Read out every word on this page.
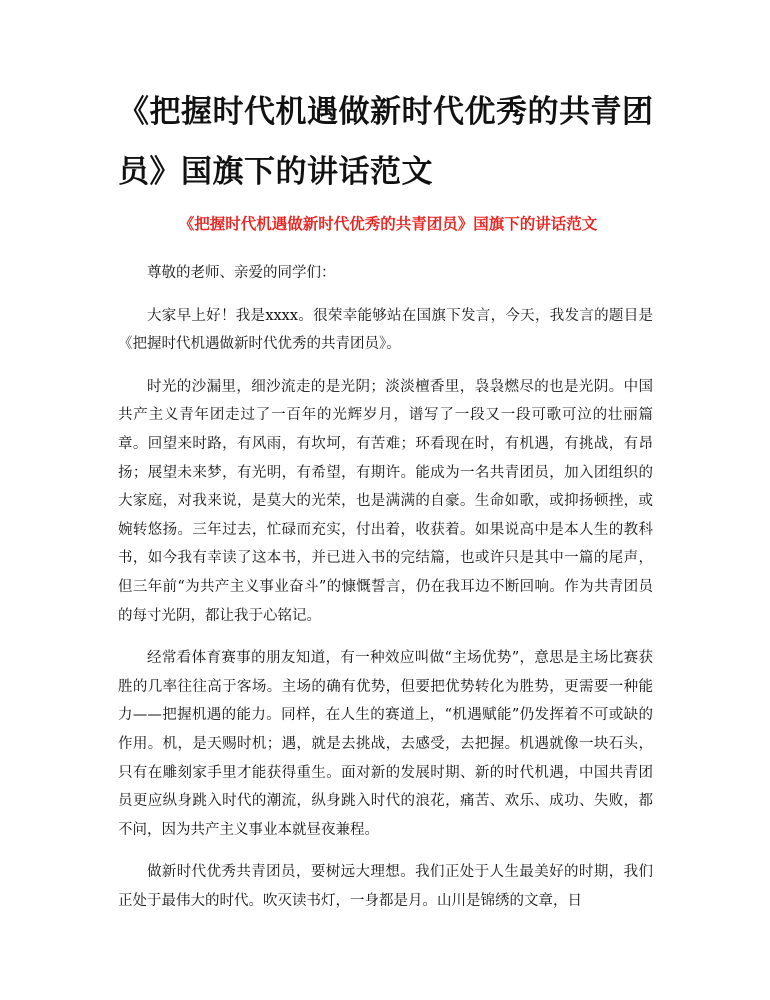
《把握时代机遇做新时代优秀的共青团员》国旗下的讲话范文

《把握时代机遇做新时代优秀的共青团员》国旗下的讲话范文

尊敬的老师、亲爱的同学们：

大家早上好！我是xxxx。很荣幸能够站在国旗下发言，今天，我发言的题目是《把握时代机遇做新时代优秀的共青团员》。

时光的沙漏里，细沙流走的是光阴；淡淡檀香里，袅袅燃尽的也是光阴。中国共产主义青年团走过了一百年的光辉岁月，谱写了一段又一段可歌可泣的壮丽篇章。回望来时路，有风雨，有坎坷，有苦难；环看现在时，有机遇，有挑战，有昂扬；展望未来梦，有光明，有希望，有期许。能成为一名共青团员，加入团组织的大家庭，对我来说，是莫大的光荣，也是满满的自豪。生命如歌，或抑扬顿挫，或婉转悠扬。三年过去，忙碌而充实，付出着，收获着。如果说高中是本人生的教科书，如今我有幸读了这本书，并已进入书的完结篇，也或许只是其中一篇的尾声，但三年前“为共产主义事业奋斗”的慷慨誓言，仍在我耳边不断回响。作为共青团员的每寸光阴，都让我于心铭记。

经常看体育赛事的朋友知道，有一种效应叫做“主场优势”，意思是主场比赛获胜的几率往往高于客场。主场的确有优势，但要把优势转化为胜势，更需要一种能力——把握机遇的能力。同样，在人生的赛道上，“机遇赋能”仍发挥着不可或缺的作用。机，是天赐时机；遇，就是去挑战，去感受，去把握。机遇就像一块石头，只有在雕刻家手里才能获得重生。面对新的发展时期、新的时代机遇，中国共青团员更应纵身跳入时代的潮流，纵身跳入时代的浪花，痛苦、欢乐、成功、失败，都不问，因为共产主义事业本就昼夜兼程。

做新时代优秀共青团员，要树远大理想。我们正处于人生最美好的时期，我们正处于最伟大的时代。吹灭读书灯，一身都是月。山川是锦绣的文章，日
